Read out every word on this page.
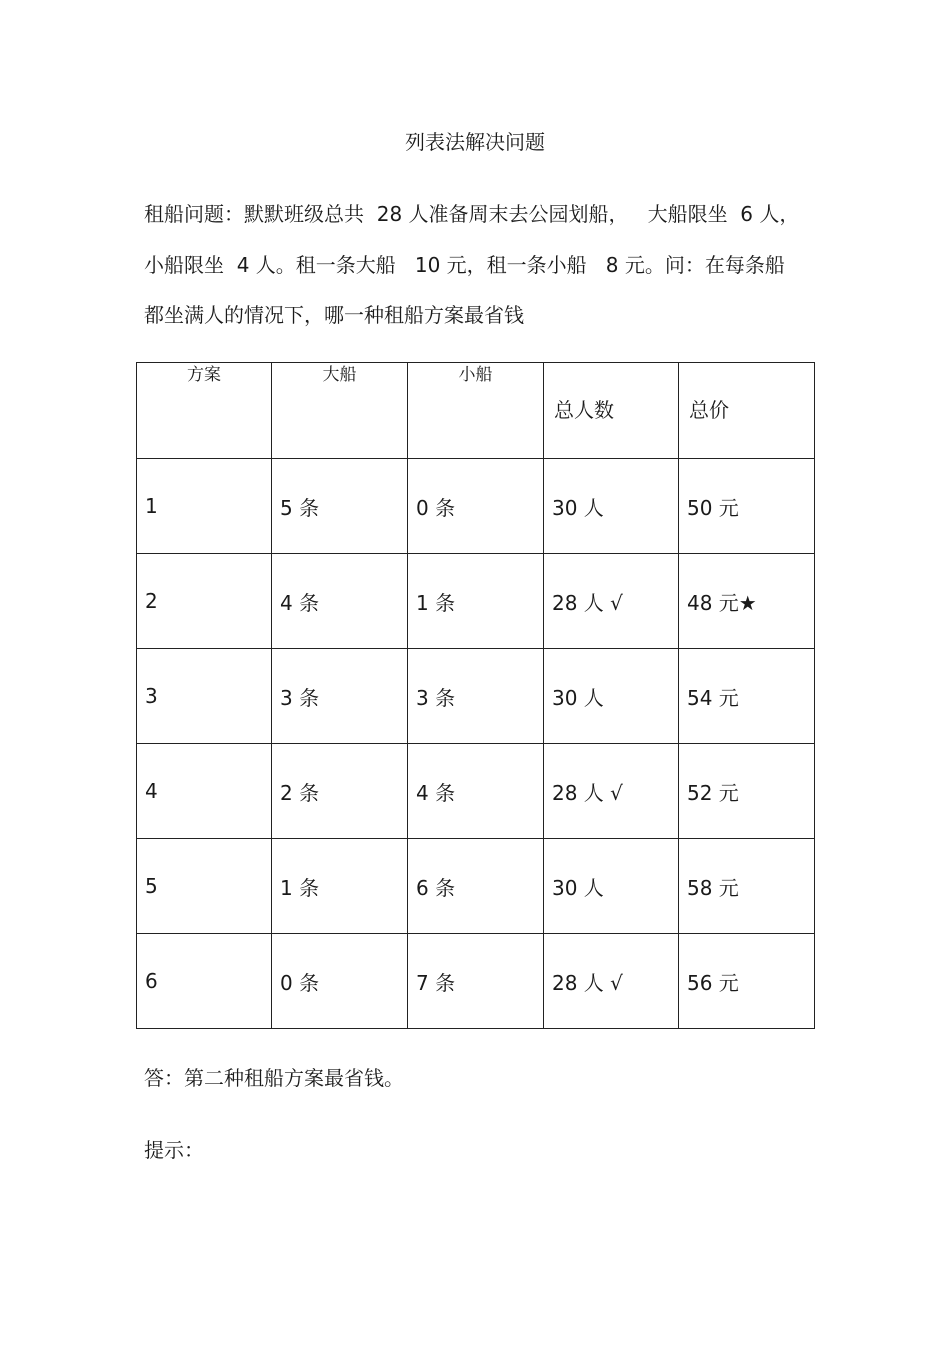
列表法解决问题
租船问题：默默班级总共  28 人准备周末去公园划船，   大船限坐  6 人，
小船限坐  4 人。租一条大船   10 元，租一条小船   8 元。问：在每条船
都坐满人的情况下，哪一种租船方案最省钱
方案	大船	小船	总人数	总价

1	5 条	0 条	30 人	50 元
2	4 条	1 条	28 人 √	48 元★
3	3 条	3 条	30 人	54 元
4	2 条	4 条	28 人 √	52 元
5	1 条	6 条	30 人	58 元
6	0 条	7 条	28 人 √	56 元
答：第二种租船方案最省钱。
提示：
